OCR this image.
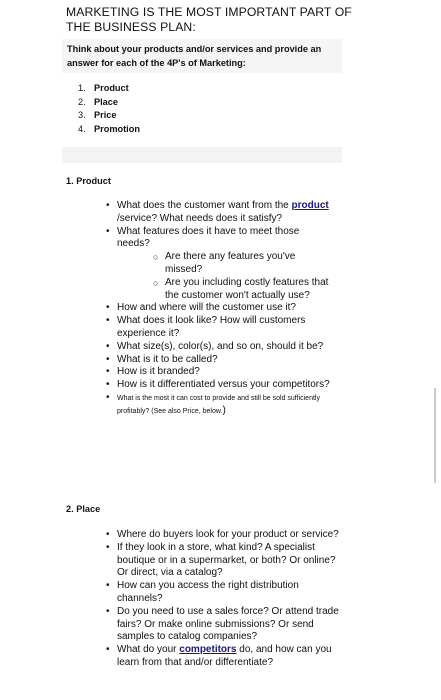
MARKETING IS THE MOST IMPORTANT PART OF THE BUSINESS PLAN:

Think about your products and/or services and provide an answer for each of the 4P's of Marketing:

1. Product
2. Place
3. Price
4. Promotion
1. Product
• What does the customer want from the product /service? What needs does it satisfy?
• What features does it have to meet those needs?
○ Are there any features you've missed?
○ Are you including costly features that the customer won't actually use?
• How and where will the customer use it?
• What does it look like? How will customers experience it?
• What size(s), color(s), and so on, should it be?
• What is it to be called?
• How is it branded?
• How is it differentiated versus your competitors?
• What is the most it can cost to provide and still be sold sufficiently profitably? (See also Price, below.)
2. Place
• Where do buyers look for your product or service?
• If they look in a store, what kind? A specialist boutique or in a supermarket, or both? Or online? Or direct, via a catalog?
• How can you access the right distribution channels?
• Do you need to use a sales force? Or attend trade fairs? Or make online submissions? Or send samples to catalog companies?
• What do your competitors do, and how can you learn from that and/or differentiate?
